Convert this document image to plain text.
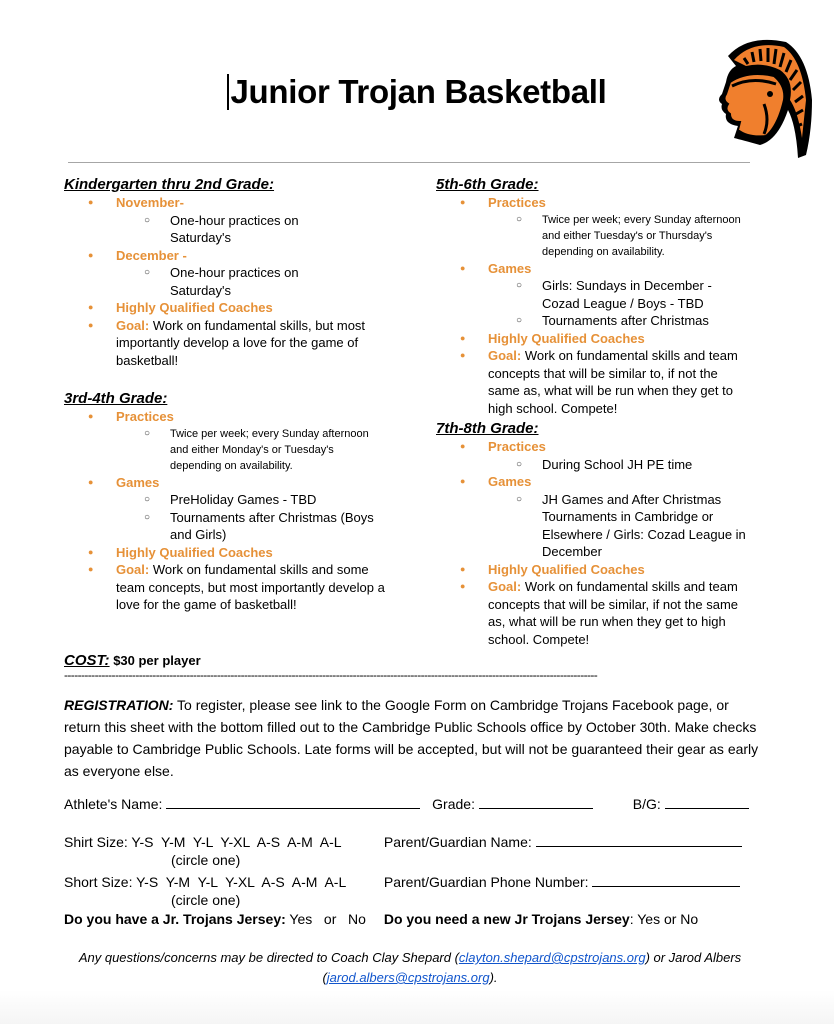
Junior Trojan Basketball

Kindergarten thru 2nd Grade:

● November-
○ One-hour practices on Saturday's
● December -
○ One-hour practices on Saturday's
● Highly Qualified Coaches
● Goal: Work on fundamental skills, but most importantly develop a love for the game of basketball!

3rd-4th Grade:

● Practices
○ Twice per week; every Sunday afternoon and either Monday's or Tuesday's depending on availability.
● Games
○ PreHoliday Games - TBD
○ Tournaments after Christmas (Boys and Girls)
● Highly Qualified Coaches
● Goal: Work on fundamental skills and some team concepts, but most importantly develop a love for the game of basketball!

5th-6th Grade:

● Practices
○ Twice per week; every Sunday afternoon and either Tuesday's or Thursday's depending on availability.
● Games
○ Girls: Sundays in December - Cozad League / Boys - TBD
○ Tournaments after Christmas
● Highly Qualified Coaches
● Goal: Work on fundamental skills and team concepts that will be similar to, if not the same as, what will be run when they get to high school. Compete!

7th-8th Grade:

● Practices
○ During School JH PE time
● Games
○ JH Games and After Christmas Tournaments in Cambridge or Elsewhere / Girls: Cozad League in December
● Highly Qualified Coaches
● Goal: Work on fundamental skills and team concepts that will be similar, if not the same as, what will be run when they get to high school. Compete!
COST: $30 per player
-------------------------------------------------------------------------------------------------------------------------------------------------------------
REGISTRATION: To register, please see link to the Google Form on Cambridge Trojans Facebook page, or return this sheet with the bottom filled out to the Cambridge Public Schools office by October 30th. Make checks payable to Cambridge Public Schools. Late forms will be accepted, but will not be guaranteed their gear as early as everyone else.
Athlete's Name:	Grade:	B/G:
Shirt Size: Y-S  Y-M  Y-L  Y-XL  A-S  A-M  A-L	Parent/Guardian Name:
(circle one)
Short Size: Y-S  Y-M  Y-L  Y-XL  A-S  A-M  A-L	Parent/Guardian Phone Number:
(circle one)
Do you have a Jr. Trojans Jersey: Yes   or   No Do you need a new Jr Trojans Jersey: Yes or No
Any questions/concerns may be directed to Coach Clay Shepard (clayton.shepard@cpstrojans.org) or Jarod Albers (jarod.albers@cpstrojans.org).
